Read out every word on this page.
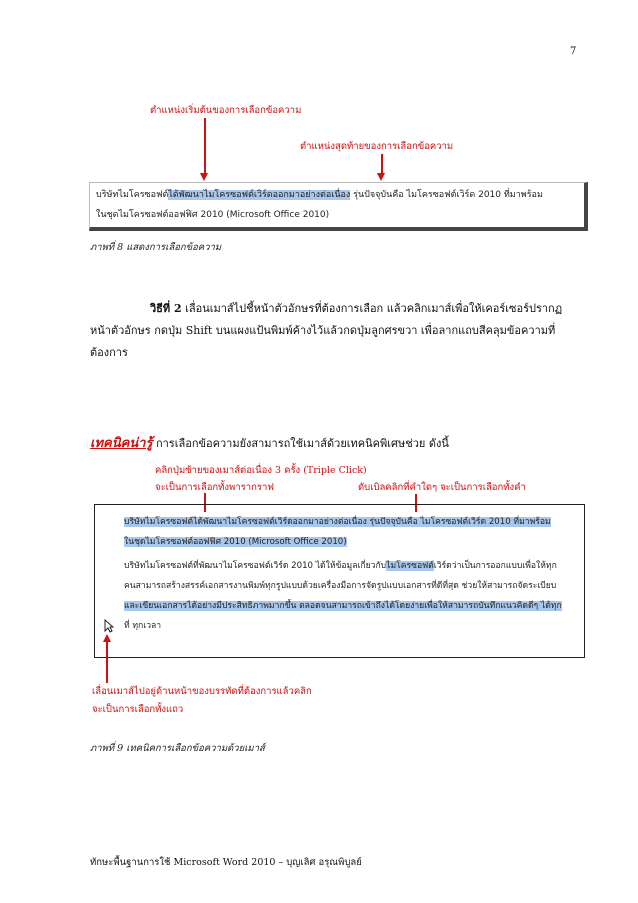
7
ตำแหน่งเริ่มต้นของการเลือกข้อความ
ตำแหน่งสุดท้ายของการเลือกข้อความ
บริษัทไมโครซอฟต์ได้พัฒนาไมโครซอฟต์เวิร์ดออกมาอย่างต่อเนื่อง รุ่นปัจจุบันคือ ไมโครซอฟต์เวิร์ด 2010 ที่มาพร้อม
ในชุดไมโครซอฟต์ออฟฟิศ 2010 (Microsoft Office 2010)
ภาพที่ 8 แสดงการเลือกข้อความ
วิธีที่ 2 เลื่อนเมาส์ไปชี้หน้าตัวอักษรที่ต้องการเลือก แล้วคลิกเมาส์เพื่อให้เคอร์เซอร์ปรากฏ
หน้าตัวอักษร กดปุ่ม Shift บนแผงแป้นพิมพ์ค้างไว้แล้วกดปุ่มลูกศรขวา เพื่อลากแถบสีคลุมข้อความที่
ต้องการ
เทคนิคน่ารู้ การเลือกข้อความยังสามารถใช้เมาส์ด้วยเทคนิคพิเศษช่วย ดังนี้
คลิกปุ่มซ้ายของเมาส์ต่อเนื่อง 3 ครั้ง (Triple Click)
จะเป็นการเลือกทั้งพารากราฟ	ดับเบิลคลิกที่คำใดๆ จะเป็นการเลือกทั้งคำ
บริษัทไมโครซอฟต์ได้พัฒนาไมโครซอฟต์เวิร์ดออกมาอย่างต่อเนื่อง รุ่นปัจจุบันคือ ไมโครซอฟต์เวิร์ด 2010 ที่มาพร้อม
ในชุดไมโครซอฟต์ออฟฟิศ 2010 (Microsoft Office 2010)
บริษัทไมโครซอฟต์ที่พัฒนาไมโครซอฟต์เวิร์ด 2010 ได้ให้ข้อมูลเกี่ยวกับไมโครซอฟต์เวิร์ดว่าเป็นการออกแบบเพื่อให้ทุก
คนสามารถสร้างสรรค์เอกสารงานพิมพ์ทุกรูปแบบด้วยเครื่องมือการจัดรูปแบบเอกสารที่ดีที่สุด ช่วยให้สามารถจัดระเบียบ
และเขียนเอกสารได้อย่างมีประสิทธิภาพมากขึ้น ตลอดจนสามารถเข้าถึงได้โดยง่ายเพื่อให้สามารถบันทึกแนวคิดดีๆ ได้ทุก
ที่ ทุกเวลา
เลื่อนเมาส์ไปอยู่ด้านหน้าของบรรทัดที่ต้องการแล้วคลิก
จะเป็นการเลือกทั้งแถว
ภาพที่ 9 เทคนิคการเลือกข้อความด้วยเมาส์
ทักษะพื้นฐานการใช้ Microsoft Word 2010 – บุญเลิศ อรุณพิบูลย์
